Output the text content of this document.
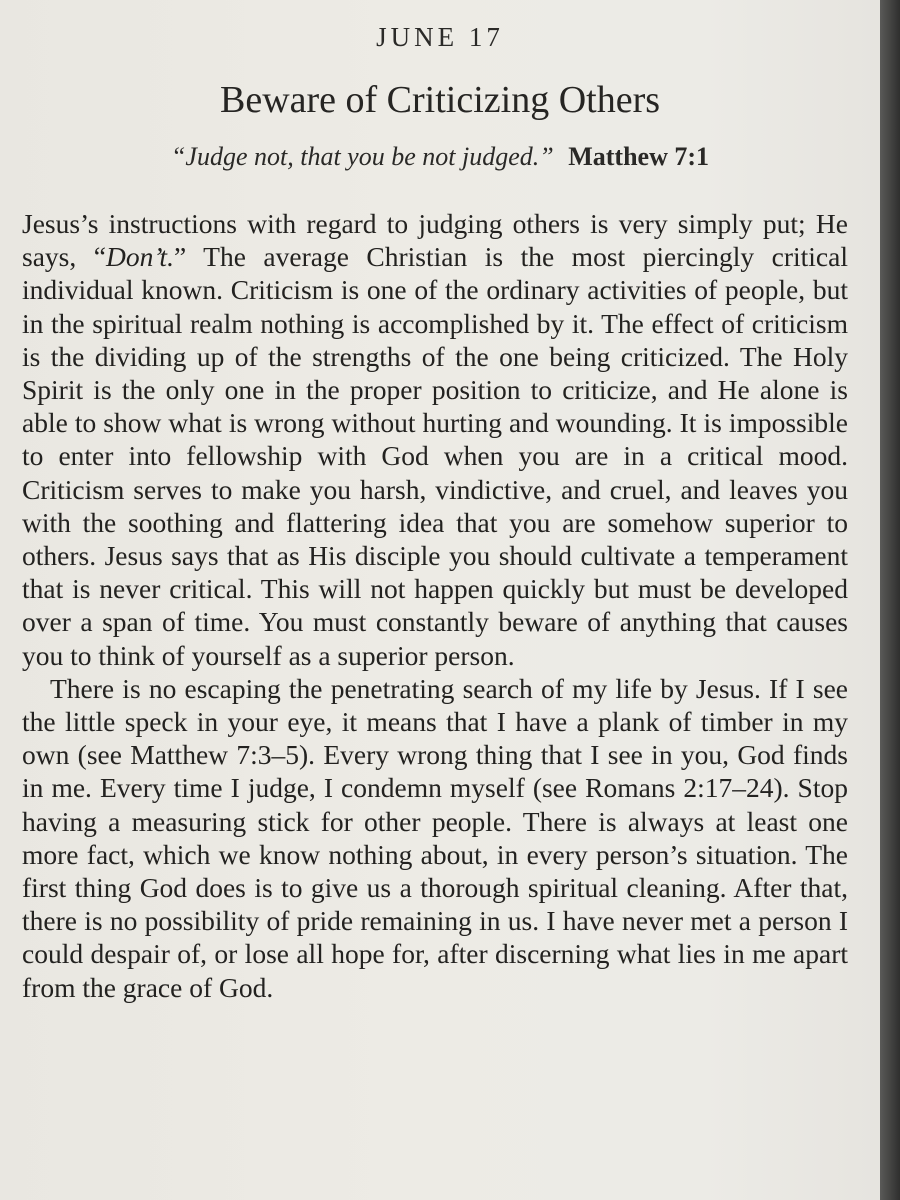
JUNE 17
Beware of Criticizing Others
“Judge not, that you be not judged.” Matthew 7:1

Jesus’s instructions with regard to judging others is very simply put; He says, “Don’t.” The average Christian is the most piercingly critical individual known. Criticism is one of the ordinary activities of people, but in the spiritual realm nothing is accomplished by it. The effect of criticism is the dividing up of the strengths of the one being criticized. The Holy Spirit is the only one in the proper position to criticize, and He alone is able to show what is wrong without hurting and wounding. It is impossible to enter into fellowship with God when you are in a critical mood. Criticism serves to make you harsh, vindictive, and cruel, and leaves you with the soothing and flattering idea that you are somehow superior to others. Jesus says that as His disciple you should cultivate a temperament that is never critical. This will not happen quickly but must be developed over a span of time. You must constantly beware of anything that causes you to think of yourself as a superior person.

There is no escaping the penetrating search of my life by Jesus. If I see the little speck in your eye, it means that I have a plank of timber in my own (see Matthew 7:3–5). Every wrong thing that I see in you, God finds in me. Every time I judge, I condemn myself (see Romans 2:17–24). Stop having a measuring stick for other people. There is always at least one more fact, which we know nothing about, in every person’s situation. The first thing God does is to give us a thorough spiritual cleaning. After that, there is no possibility of pride remaining in us. I have never met a person I could despair of, or lose all hope for, after discerning what lies in me apart from the grace of God.
